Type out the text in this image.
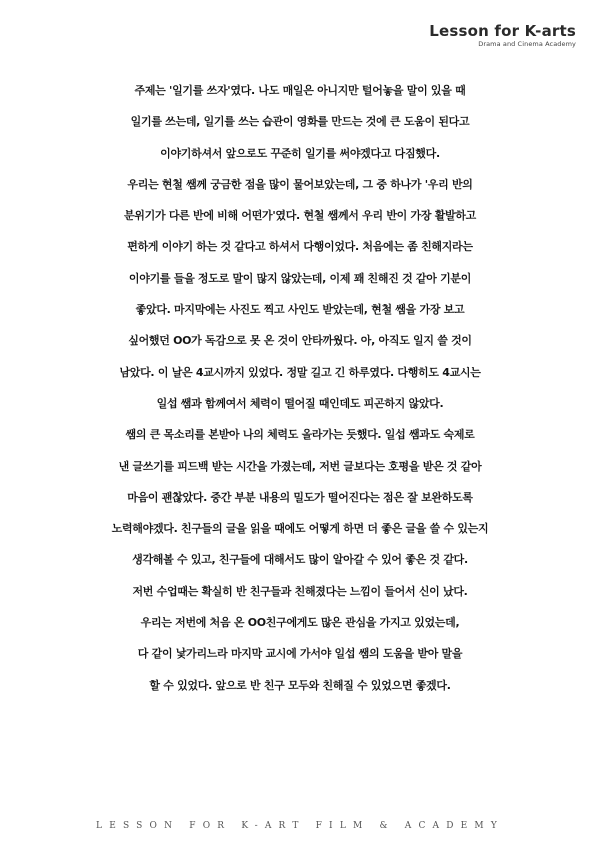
Lesson for K-arts
Drama and Cinema Academy
주제는 '일기를 쓰자'였다. 나도 매일은 아니지만 털어놓을 말이 있을 때
일기를 쓰는데, 일기를 쓰는 습관이 영화를 만드는 것에 큰 도움이 된다고
이야기하셔서 앞으로도 꾸준히 일기를 써야겠다고 다짐했다.
우리는 현철 쌤께 궁금한 점을 많이 물어보았는데, 그 중 하나가 '우리 반의
분위기가 다른 반에 비해 어떤가'였다. 현철 쌤께서 우리 반이 가장 활발하고
편하게 이야기 하는 것 같다고 하셔서 다행이었다. 처음에는 좀 친해지라는
이야기를 들을 정도로 말이 많지 않았는데, 이제 꽤 친해진 것 같아 기분이
좋았다. 마지막에는 사진도 찍고 사인도 받았는데, 현철 쌤을 가장 보고
싶어했던 OO가 독감으로 못 온 것이 안타까웠다. 아, 아직도 일지 쓸 것이
남았다. 이 날은 4교시까지 있었다. 정말 길고 긴 하루였다. 다행히도 4교시는
일섭 쌤과 함께여서 체력이 떨어질 때인데도 피곤하지 않았다.
쌤의 큰 목소리를 본받아 나의 체력도 올라가는 듯했다. 일섭 쌤과도 숙제로
낸 글쓰기를 피드백 받는 시간을 가졌는데, 저번 글보다는 호평을 받은 것 같아
마음이 괜찮았다. 중간 부분 내용의 밀도가 떨어진다는 점은 잘 보완하도록
노력해야겠다. 친구들의 글을 읽을 때에도 어떻게 하면 더 좋은 글을 쓸 수 있는지
생각해볼 수 있고, 친구들에 대해서도 많이 알아갈 수 있어 좋은 것 같다.
저번 수업때는 확실히 반 친구들과 친해졌다는 느낌이 들어서 신이 났다.
우리는 저번에 처음 온 OO친구에게도 많은 관심을 가지고 있었는데,
다 같이 낯가리느라 마지막 교시에 가서야 일섭 쌤의 도움을 받아 말을
할 수 있었다. 앞으로 반 친구 모두와 친해질 수 있었으면 좋겠다.
LESSON FOR K-ART FILM & ACADEMY
